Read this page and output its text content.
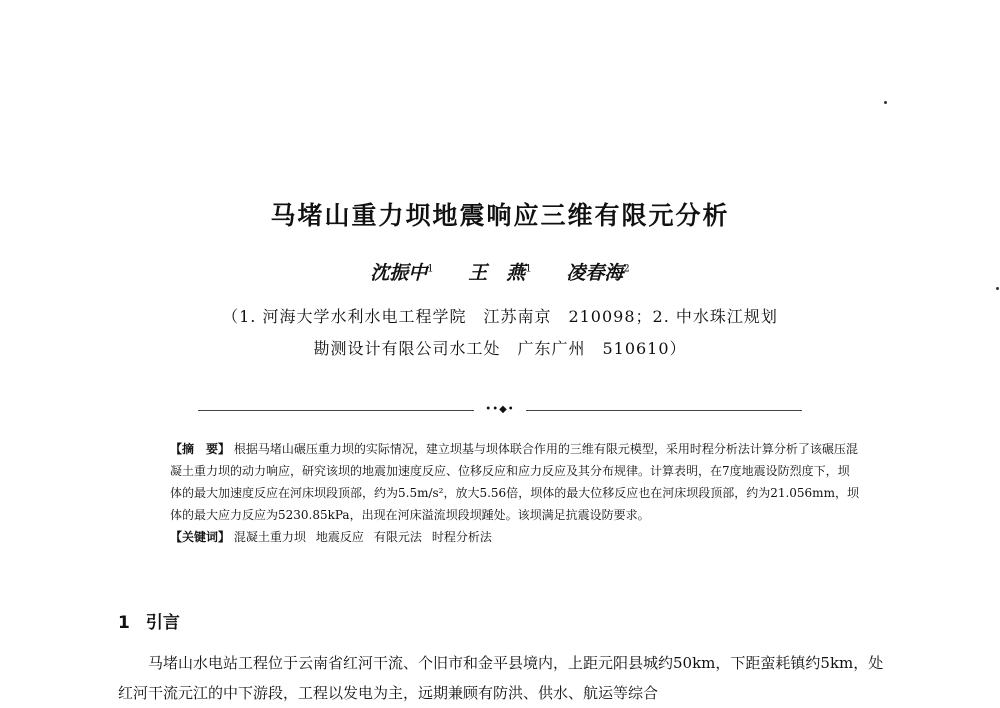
马堵山重力坝地震响应三维有限元分析
沈振中$^1$ 王　燕$^1$ 凌春海$^2$
（1. 河海大学水利水电工程学院　江苏南京　210098；2. 中水珠江规划
勘测设计有限公司水工处　广东广州　510610）
••◆•

【摘　要】 根据马堵山碾压重力坝的实际情况，建立坝基与坝体联合作用的三维有限元模型，采用时程分析法计算分析了该碾压混凝土重力坝的动力响应，研究该坝的地震加速度反应、位移反应和应力反应及其分布规律。计算表明，在7度地震设防烈度下，坝体的最大加速度反应在河床坝段顶部，约为5.5m/s²，放大5.56倍，坝体的最大位移反应也在河床坝段顶部，约为21.056mm，坝体的最大应力反应为5230.85kPa，出现在河床溢流坝段坝踵处。该坝满足抗震设防要求。

【关键词】 混凝土重力坝 地震反应 有限元法 时程分析法

1 引言

马堵山水电站工程位于云南省红河干流、个旧市和金平县境内，上距元阳县城约50km，下距蛮耗镇约5km，处红河干流元江的中下游段，工程以发电为主，远期兼顾有防洪、供水、航运等综合
